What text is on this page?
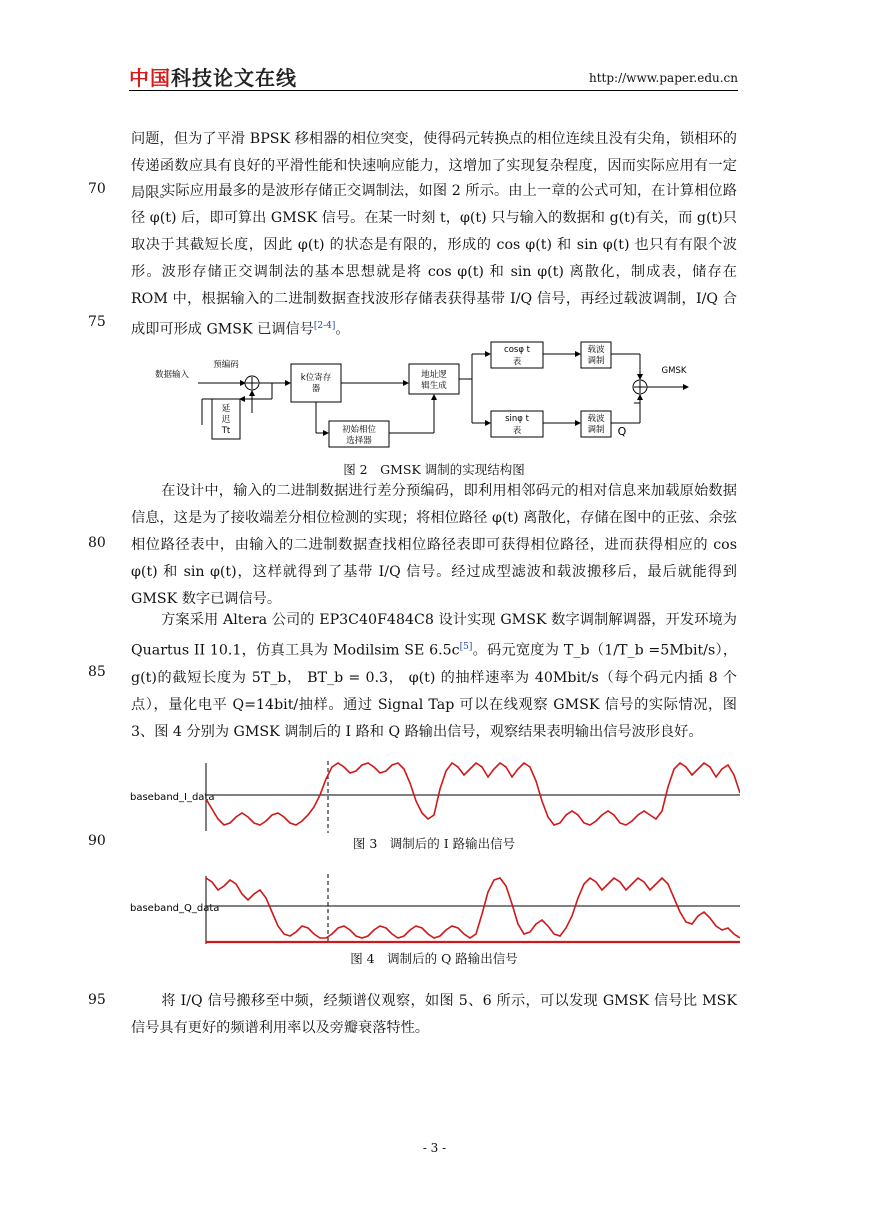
中国科技论文在线	http://www.paper.edu.cn

问题，但为了平滑 BPSK 移相器的相位突变，使得码元转换点的相位连续且没有尖角，锁相环的传递函数应具有良好的平滑性能和快速响应能力，这增加了实现复杂程度，因而实际应用有一定局限。

70
75
80
85
90
95

实际应用最多的是波形存储正交调制法，如图 2 所示。由上一章的公式可知，在计算相位路径 φ(t) 后，即可算出 GMSK 信号。在某一时刻 t，φ(t) 只与输入的数据和 g(t)有关，而 g(t)只取决于其截短长度，因此 φ(t) 的状态是有限的，形成的 cos φ(t) 和 sin φ(t) 也只有有限个波形。波形存储正交调制法的基本思想就是将 cos φ(t) 和 sin φ(t) 离散化，制成表，储存在 ROM 中，根据输入的二进制数据查找波形存储表获得基带 I/Q 信号，再经过载波调制，I/Q 合成即可形成 GMSK 已调信号[2-4]。

数据输入
预编码
延
迟
Tt
k位寄存
器
初始相位
选择器
地址逻
辑生成
cosφ t
表
sinφ t
表
载波
调制
载波
调制
GMSK
Q
图 2　GMSK 调制的实现结构图

在设计中，输入的二进制数据进行差分预编码，即利用相邻码元的相对信息来加载原始数据信息，这是为了接收端差分相位检测的实现；将相位路径 φ(t) 离散化，存储在图中的正弦、余弦相位路径表中，由输入的二进制数据查找相位路径表即可获得相位路径，进而获得相应的 cos φ(t) 和 sin φ(t)，这样就得到了基带 I/Q 信号。经过成型滤波和载波搬移后，最后就能得到 GMSK 数字已调信号。

方案采用 Altera 公司的 EP3C40F484C8 设计实现 GMSK 数字调制解调器，开发环境为 Quartus II 10.1，仿真工具为 Modilsim SE 6.5c[5]。码元宽度为 T_b（1/T_b =5Mbit/s），g(t)的截短长度为 5T_b， BT_b = 0.3， φ(t) 的抽样速率为 40Mbit/s（每个码元内插 8 个点），量化电平 Q=14bit/抽样。通过 Signal Tap 可以在线观察 GMSK 信号的实际情况，图 3、图 4 分别为 GMSK 调制后的 I 路和 Q 路输出信号，观察结果表明输出信号波形良好。

baseband_I_data
图 3　调制后的 I 路输出信号
baseband_Q_data
图 4　调制后的 Q 路输出信号

将 I/Q 信号搬移至中频，经频谱仪观察，如图 5、6 所示，可以发现 GMSK 信号比 MSK 信号具有更好的频谱利用率以及旁瓣衰落特性。

- 3 -
